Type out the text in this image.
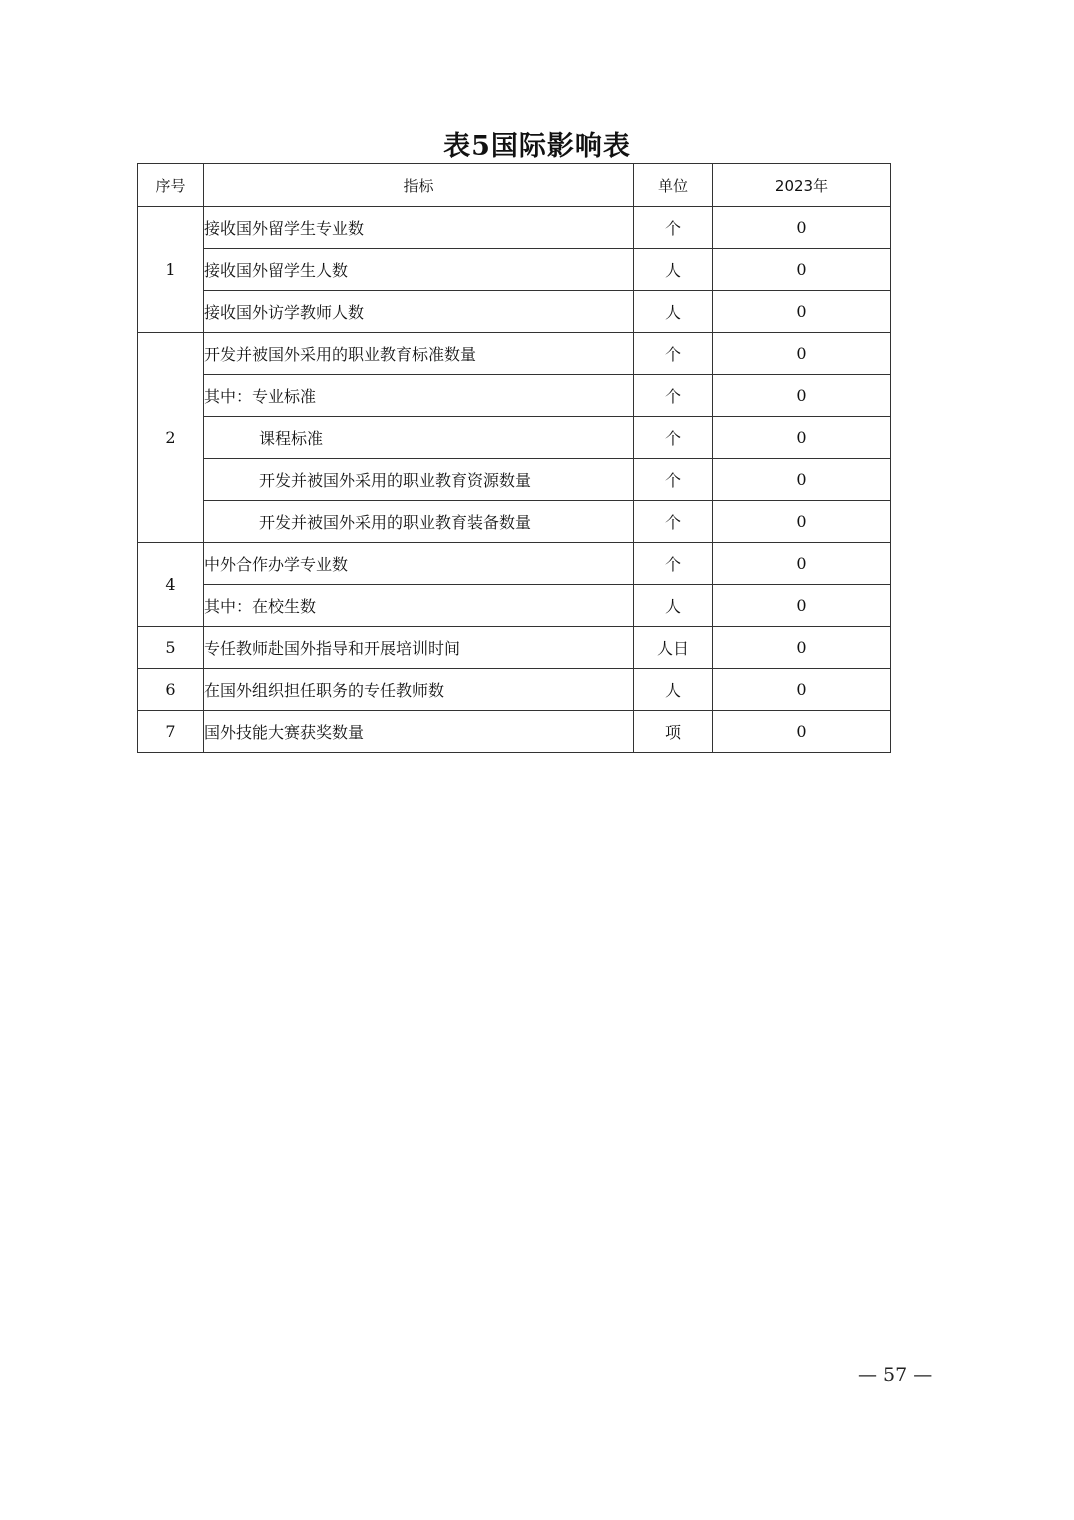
表5国际影响表
序号	指标	单位	2023年
1	接收国外留学生专业数	个	0
	接收国外留学生人数	人	0
	接收国外访学教师人数	人	0
2	开发并被国外采用的职业教育标准数量	个	0
	其中：专业标准	个	0
	课程标准	个	0
	开发并被国外采用的职业教育资源数量	个	0
	开发并被国外采用的职业教育装备数量	个	0
4	中外合作办学专业数	个	0
	其中：在校生数	人	0
5	专任教师赴国外指导和开展培训时间	人日	0
6	在国外组织担任职务的专任教师数	人	0
7	国外技能大赛获奖数量	项	0
— 57 —
